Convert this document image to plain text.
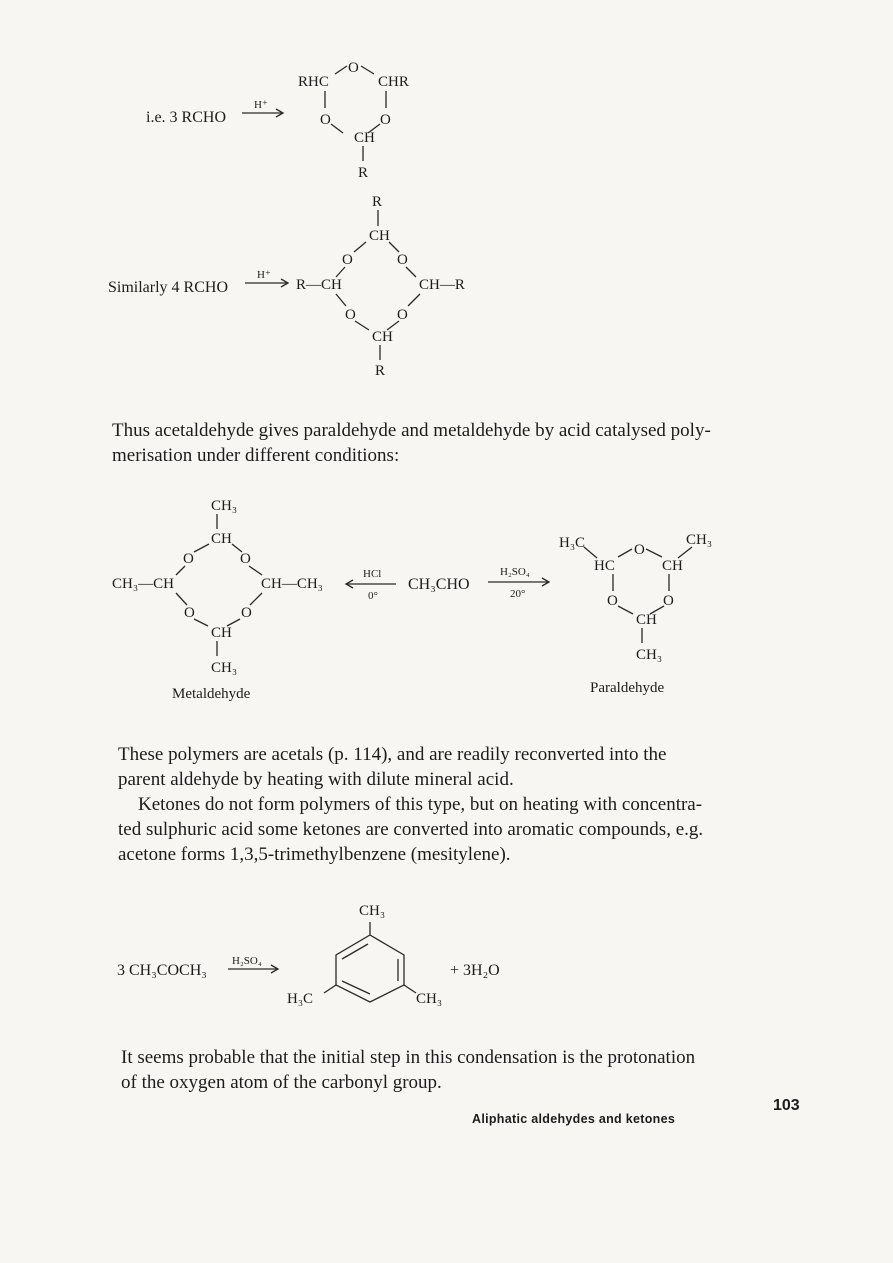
i.e. 3 RCHO
H⁺
RHC
O
CHR
O	O
CH
R
Similarly 4 RCHO
H⁺
R
CH
O	O
R—CH	CH—R
O	O
CH
R
CH₃
CH
O	O
CH₃—CH	CH—CH₃
O	O
CH
CH₃
Metaldehyde
HCl
0°
CH₃CHO
H₂SO₄
20°
H₃C	O
CH₃
HC	CH
O	O
CH
CH₃
Paraldehyde
3 CH₃COCH₃
H₂SO₄
CH₃
H₃C	CH₃
+ 3H₂O
Thus acetaldehyde gives paraldehyde and metaldehyde by acid catalysed poly-
merisation under different conditions:
These polymers are acetals (p. 114), and are readily reconverted into the
parent aldehyde by heating with dilute mineral acid.
Ketones do not form polymers of this type, but on heating with concentra-
ted sulphuric acid some ketones are converted into aromatic compounds, e.g.
acetone forms 1,3,5-trimethylbenzene (mesitylene).
It seems probable that the initial step in this condensation is the protonation
of the oxygen atom of the carbonyl group.
Aliphatic aldehydes and ketones
103
